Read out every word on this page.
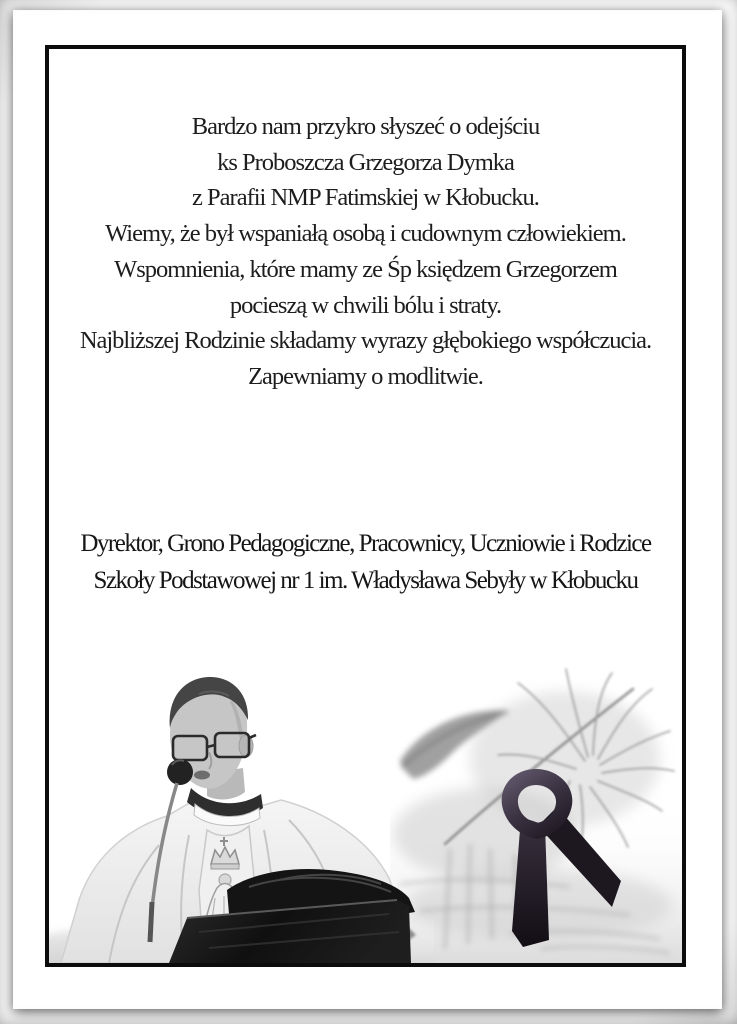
Bardzo nam przykro słyszeć o odejściu
ks Proboszcza Grzegorza Dymka
z Parafii NMP Fatimskiej w Kłobucku.
Wiemy, że był wspaniałą osobą i cudownym człowiekiem.
Wspomnienia, które mamy ze Śp księdzem Grzegorzem
pocieszą w chwili bólu i straty.
Najbliższej Rodzinie składamy wyrazy głębokiego współczucia.
Zapewniamy o modlitwie.
Dyrektor, Grono Pedagogiczne, Pracownicy, Uczniowie i Rodzice
Szkoły Podstawowej nr 1 im. Władysława Sebyły w Kłobucku
